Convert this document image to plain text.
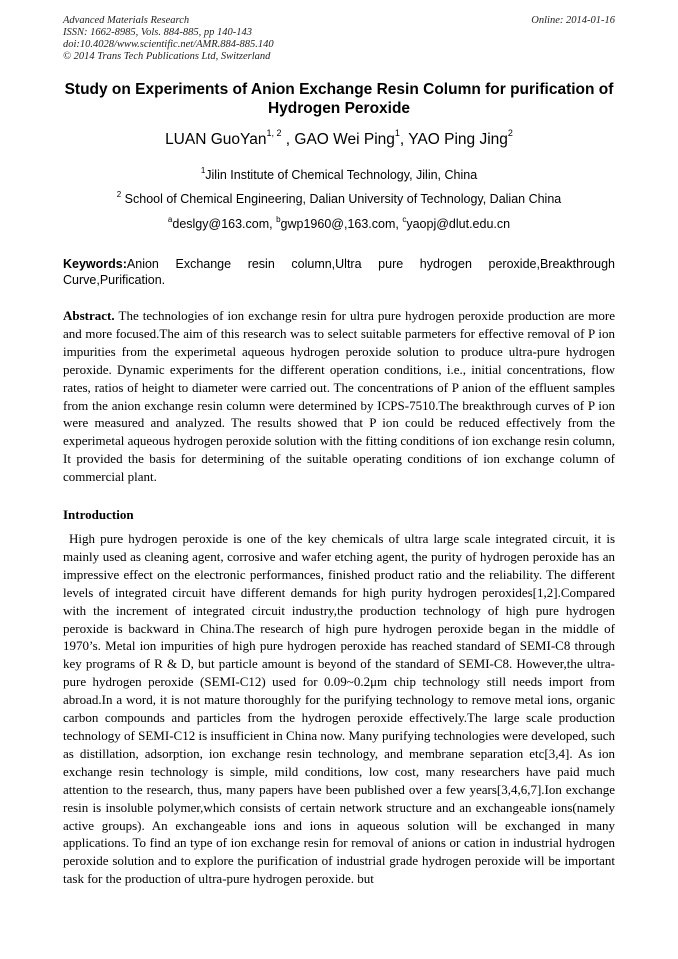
Advanced Materials Research
ISSN: 1662-8985, Vols. 884-885, pp 140-143
doi:10.4028/www.scientific.net/AMR.884-885.140
© 2014 Trans Tech Publications Ltd, Switzerland
Online: 2014-01-16
Study on Experiments of Anion Exchange Resin Column for purification of Hydrogen Peroxide
LUAN GuoYan$^{1, 2}$ , GAO Wei Ping$^1$, YAO Ping Jing$^2$
$^1$Jilin Institute of Chemical Technology, Jilin, China
$^2$ School of Chemical Engineering, Dalian University of Technology, Dalian China
$^a$deslgy@163.com, $^b$gwp1960@,163.com, $^c$yaopj@dlut.edu.cn
Keywords:Anion Exchange resin column,Ultra pure hydrogen peroxide,Breakthrough Curve,Purification.
Abstract. The technologies of ion exchange resin for ultra pure hydrogen peroxide production are more and more focused.The aim of this research was to select suitable parmeters for effective removal of P ion impurities from the experimetal aqueous hydrogen peroxide solution to produce ultra-pure hydrogen peroxide. Dynamic experiments for the different operation conditions, i.e., initial concentrations, flow rates, ratios of height to diameter were carried out. The concentrations of P anion of the effluent samples from the anion exchange resin column were determined by ICPS-7510.The breakthrough curves of P ion were measured and analyzed. The results showed that P ion could be reduced effectively from the experimetal aqueous hydrogen peroxide solution with the fitting conditions of ion exchange resin column, It provided the basis for determining of the suitable operating conditions of ion exchange column of commercial plant.
Introduction
High pure hydrogen peroxide is one of the key chemicals of ultra large scale integrated circuit, it is mainly used as cleaning agent, corrosive and wafer etching agent, the purity of hydrogen peroxide has an impressive effect on the electronic performances, finished product ratio and the reliability. The different levels of integrated circuit have different demands for high purity hydrogen peroxides[1,2].Compared with the increment of integrated circuit industry,the production technology of high pure hydrogen peroxide is backward in China.The research of high pure hydrogen peroxide began in the middle of 1970’s. Metal ion impurities of high pure hydrogen peroxide has reached standard of SEMI-C8 through key programs of R & D, but particle amount is beyond of the standard of SEMI-C8. However,the ultra-pure hydrogen peroxide (SEMI-C12) used for 0.09~0.2μm chip technology still needs import from abroad.In a word, it is not mature thoroughly for the purifying technology to remove metal ions, organic carbon compounds and particles from the hydrogen peroxide effectively.The large scale production technology of SEMI-C12 is insufficient in China now. Many purifying technologies were developed, such as distillation, adsorption, ion exchange resin technology, and membrane separation etc[3,4]. As ion exchange resin technology is simple, mild conditions, low cost, many researchers have paid much attention to the research, thus, many papers have been published over a few years[3,4,6,7].Ion exchange resin is insoluble polymer,which consists of certain network structure and an exchangeable ions(namely active groups). An exchangeable ions and ions in aqueous solution will be exchanged in many applications. To find an type of ion exchange resin for removal of anions or cation in industrial hydrogen peroxide solution and to explore the purification of industrial grade hydrogen peroxide will be important task for the production of ultra-pure hydrogen peroxide. but
